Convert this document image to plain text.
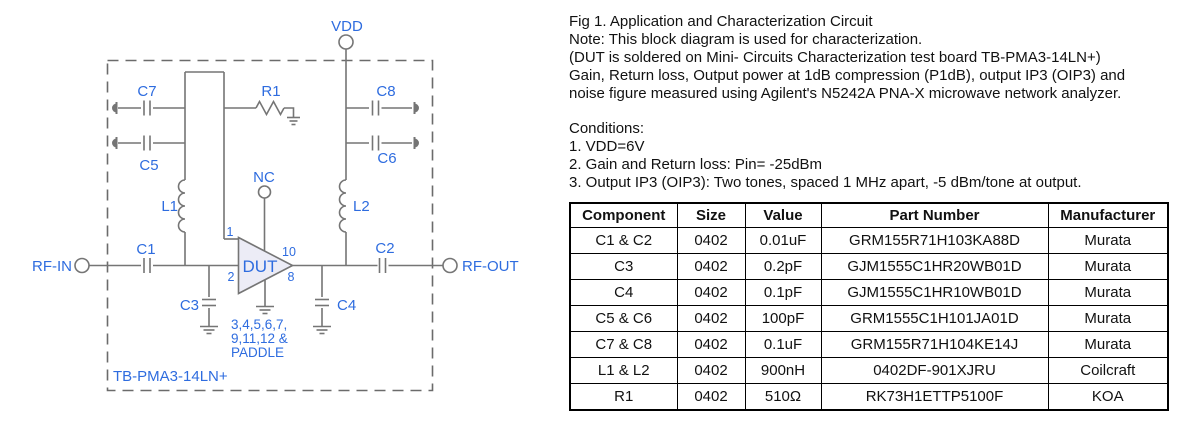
VDD
C7
C5
C8
C6
R1
NC
L1	L2
C1	C2
C3	C4
RF-IN	RF-OUT
DUT
1
2
10
8
3,4,5,6,7,
9,11,12 &
PADDLE
TB-PMA3-14LN+
Fig 1. Application and Characterization Circuit
Note: This block diagram is used for characterization.
(DUT is soldered on Mini- Circuits Characterization test board TB-PMA3-14LN+)
Gain, Return loss, Output power at 1dB compression (P1dB), output IP3 (OIP3) and
noise figure measured using Agilent's N5242A PNA-X microwave network analyzer.
Conditions:
1. VDD=6V
2. Gain and Return loss: Pin= -25dBm
3. Output IP3 (OIP3): Two tones, spaced 1 MHz apart, -5 dBm/tone at output.
Component	Size	Value	Part Number	Manufacturer
C1 & C2	0402	0.01uF	GRM155R71H103KA88D	Murata
C3	0402	0.2pF	GJM1555C1HR20WB01D	Murata
C4	0402	0.1pF	GJM1555C1HR10WB01D	Murata
C5 & C6	0402	100pF	GRM1555C1H101JA01D	Murata
C7 & C8	0402	0.1uF	GRM155R71H104KE14J	Murata
L1 & L2	0402	900nH	0402DF-901XJRU	Coilcraft
R1	0402	510Ω	RK73H1ETTP5100F	KOA
